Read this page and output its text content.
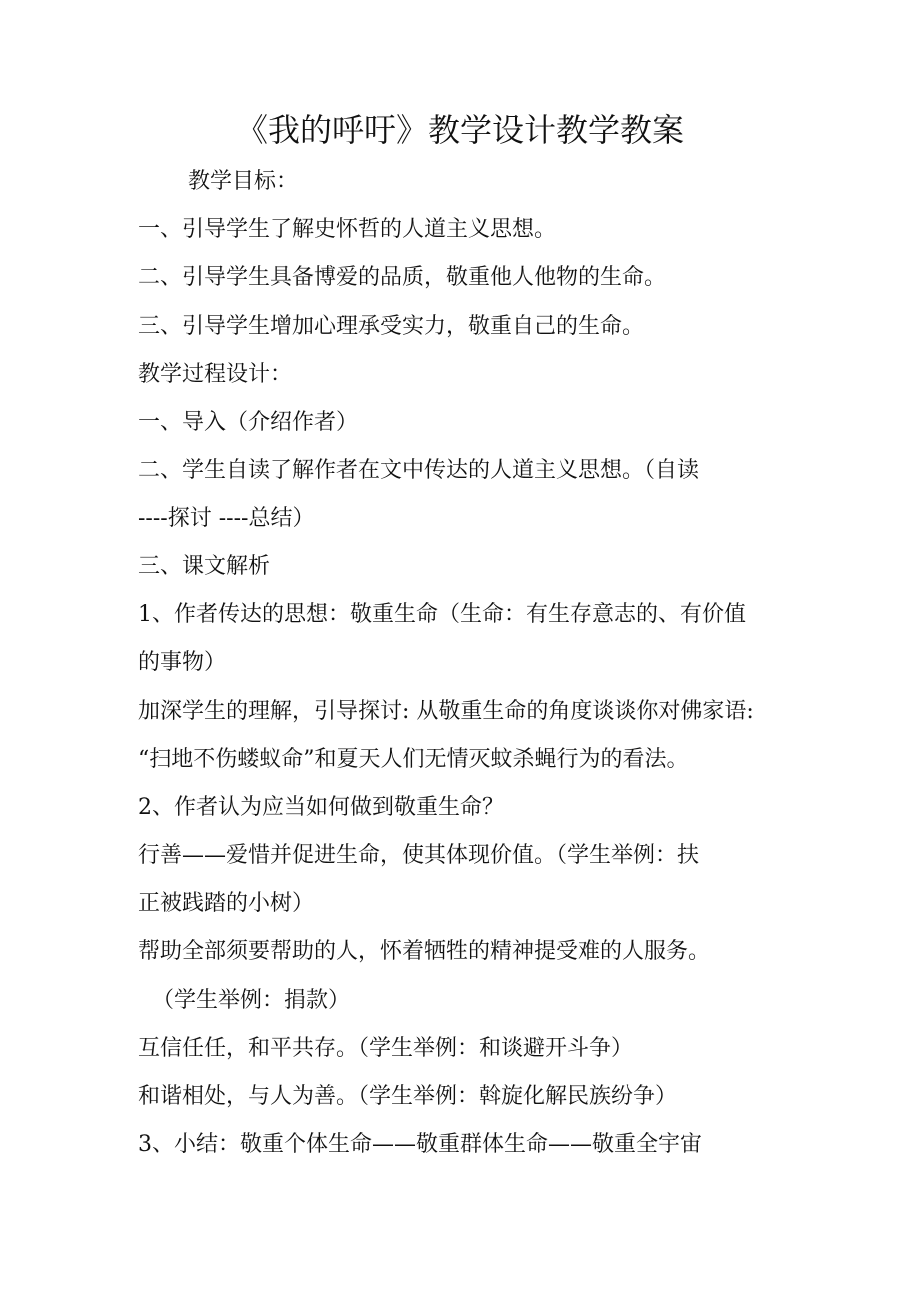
《我的呼吁》教学设计教学教案
教学目标：
一、引导学生了解史怀哲的人道主义思想。
二、引导学生具备博爱的品质，敬重他人他物的生命。
三、引导学生增加心理承受实力，敬重自己的生命。
教学过程设计：
一、导入（介绍作者）
二、学生自读了解作者在文中传达的人道主义思想。（自读
----探讨 ----总结）
三、课文解析
1、作者传达的思想：敬重生命（生命：有生存意志的、有价值
的事物）
加深学生的理解，引导探讨: 从敬重生命的角度谈谈你对佛家语:
“扫地不伤蝼蚁命”和夏天人们无情灭蚊杀蝇行为的看法。
2、作者认为应当如何做到敬重生命？
行善——爱惜并促进生命，使其体现价值。（学生举例：扶
正被践踏的小树）
帮助全部须要帮助的人，怀着牺牲的精神提受难的人服务。
（学生举例：捐款）
互信任任，和平共存。（学生举例：和谈避开斗争）
和谐相处，与人为善。（学生举例：斡旋化解民族纷争）
3、小结：敬重个体生命——敬重群体生命——敬重全宇宙
